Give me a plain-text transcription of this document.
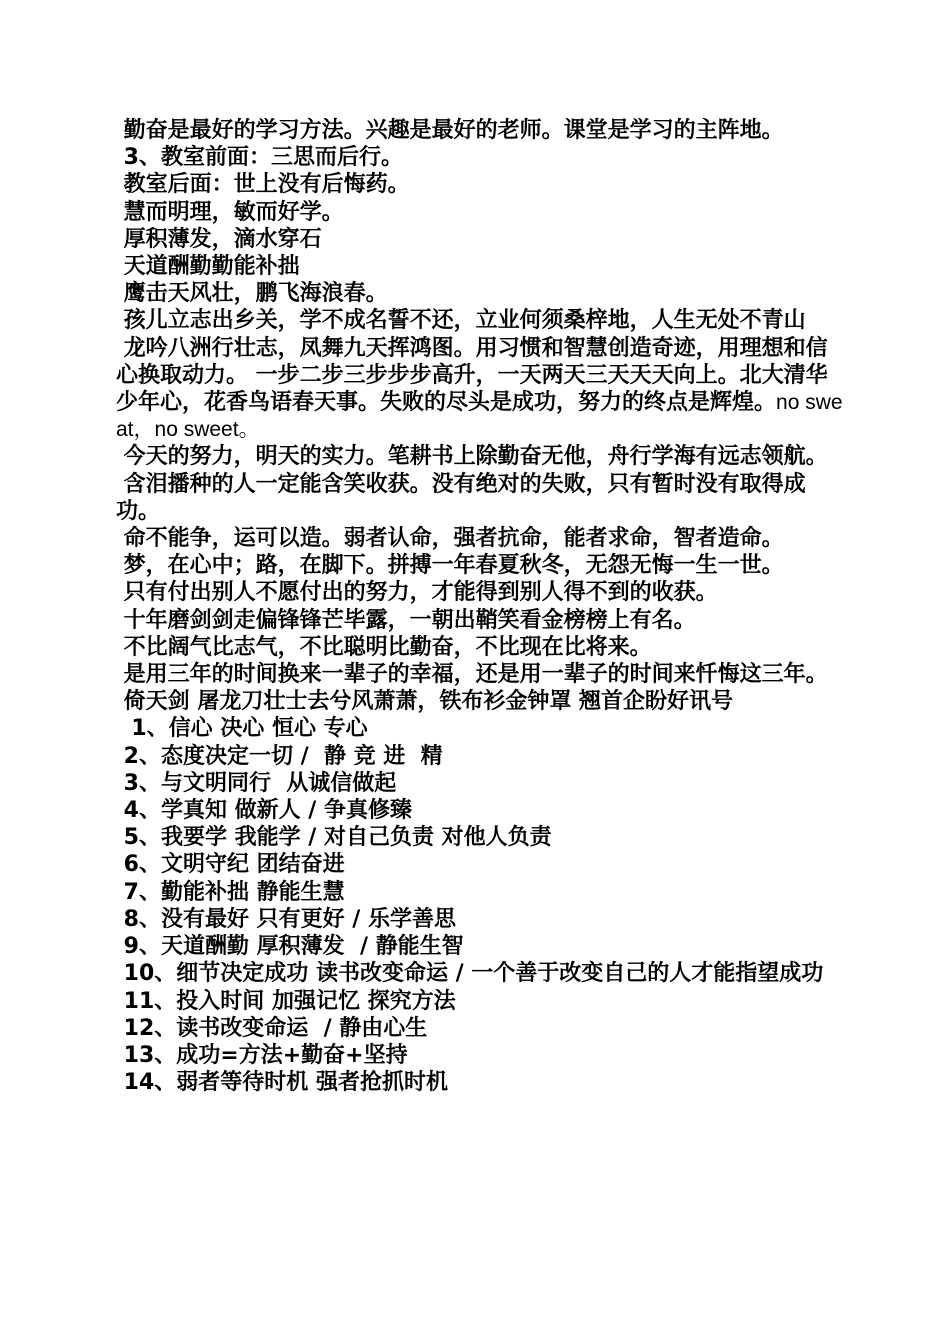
勤奋是最好的学习方法。兴趣是最好的老师。课堂是学习的主阵地。

3、教室前面：三思而后行。

教室后面：世上没有后悔药。

慧而明理，敏而好学。

厚积薄发，滴水穿石

天道酬勤勤能补拙

鹰击天风壮，鹏飞海浪春。

孩儿立志出乡关，学不成名誓不还，立业何须桑梓地，人生无处不青山

龙吟八洲行壮志，凤舞九天挥鸿图。用习惯和智慧创造奇迹，用理想和信心换取动力。 一步二步三步步步高升，一天两天三天天天向上。北大清华少年心，花香鸟语春天事。失败的尽头是成功，努力的终点是辉煌。no sweat，no sweet。

今天的努力，明天的实力。笔耕书上除勤奋无他，舟行学海有远志领航。

含泪播种的人一定能含笑收获。没有绝对的失败，只有暂时没有取得成功。

命不能争，运可以造。弱者认命，强者抗命，能者求命，智者造命。

梦，在心中；路，在脚下。拼搏一年春夏秋冬，无怨无悔一生一世。

只有付出别人不愿付出的努力，才能得到别人得不到的收获。

十年磨剑剑走偏锋锋芒毕露，一朝出鞘笑看金榜榜上有名。

不比阔气比志气，不比聪明比勤奋，不比现在比将来。

是用三年的时间换来一辈子的幸福，还是用一辈子的时间来忏悔这三年。

倚天剑 屠龙刀壮士去兮风萧萧，铁布衫金钟罩 翘首企盼好讯号

1、信心 决心 恒心 专心

2、态度决定一切 /  静 竞 进  精

3、与文明同行  从诚信做起

4、学真知 做新人 / 争真修臻

5、我要学 我能学 / 对自己负责 对他人负责

6、文明守纪 团结奋进

7、勤能补拙 静能生慧

8、没有最好 只有更好 / 乐学善思

9、天道酬勤 厚积薄发  / 静能生智

10、细节决定成功 读书改变命运 / 一个善于改变自己的人才能指望成功

11、投入时间 加强记忆 探究方法

12、读书改变命运  / 静由心生

13、成功=方法+勤奋+坚持

14、弱者等待时机 强者抢抓时机
